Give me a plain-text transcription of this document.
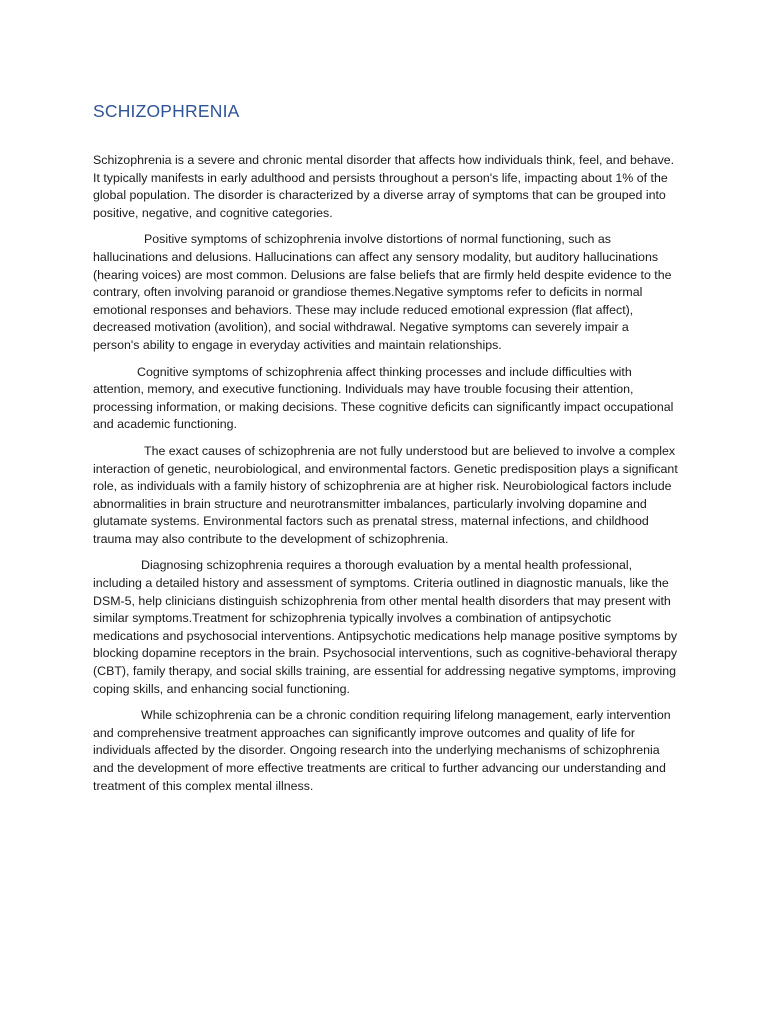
SCHIZOPHRENIA

Schizophrenia is a severe and chronic mental disorder that affects how individuals think, feel, and behave. It typically manifests in early adulthood and persists throughout a person's life, impacting about 1% of the global population. The disorder is characterized by a diverse array of symptoms that can be grouped into positive, negative, and cognitive categories.

Positive symptoms of schizophrenia involve distortions of normal functioning, such as hallucinations and delusions. Hallucinations can affect any sensory modality, but auditory hallucinations (hearing voices) are most common. Delusions are false beliefs that are firmly held despite evidence to the contrary, often involving paranoid or grandiose themes.Negative symptoms refer to deficits in normal emotional responses and behaviors. These may include reduced emotional expression (flat affect), decreased motivation (avolition), and social withdrawal. Negative symptoms can severely impair a person's ability to engage in everyday activities and maintain relationships.

Cognitive symptoms of schizophrenia affect thinking processes and include difficulties with attention, memory, and executive functioning. Individuals may have trouble focusing their attention, processing information, or making decisions. These cognitive deficits can significantly impact occupational and academic functioning.

The exact causes of schizophrenia are not fully understood but are believed to involve a complex interaction of genetic, neurobiological, and environmental factors. Genetic predisposition plays a significant role, as individuals with a family history of schizophrenia are at higher risk. Neurobiological factors include abnormalities in brain structure and neurotransmitter imbalances, particularly involving dopamine and glutamate systems. Environmental factors such as prenatal stress, maternal infections, and childhood trauma may also contribute to the development of schizophrenia.

Diagnosing schizophrenia requires a thorough evaluation by a mental health professional, including a detailed history and assessment of symptoms. Criteria outlined in diagnostic manuals, like the DSM-5, help clinicians distinguish schizophrenia from other mental health disorders that may present with similar symptoms.Treatment for schizophrenia typically involves a combination of antipsychotic medications and psychosocial interventions. Antipsychotic medications help manage positive symptoms by blocking dopamine receptors in the brain. Psychosocial interventions, such as cognitive-behavioral therapy (CBT), family therapy, and social skills training, are essential for addressing negative symptoms, improving coping skills, and enhancing social functioning.

While schizophrenia can be a chronic condition requiring lifelong management, early intervention and comprehensive treatment approaches can significantly improve outcomes and quality of life for individuals affected by the disorder. Ongoing research into the underlying mechanisms of schizophrenia and the development of more effective treatments are critical to further advancing our understanding and treatment of this complex mental illness.
